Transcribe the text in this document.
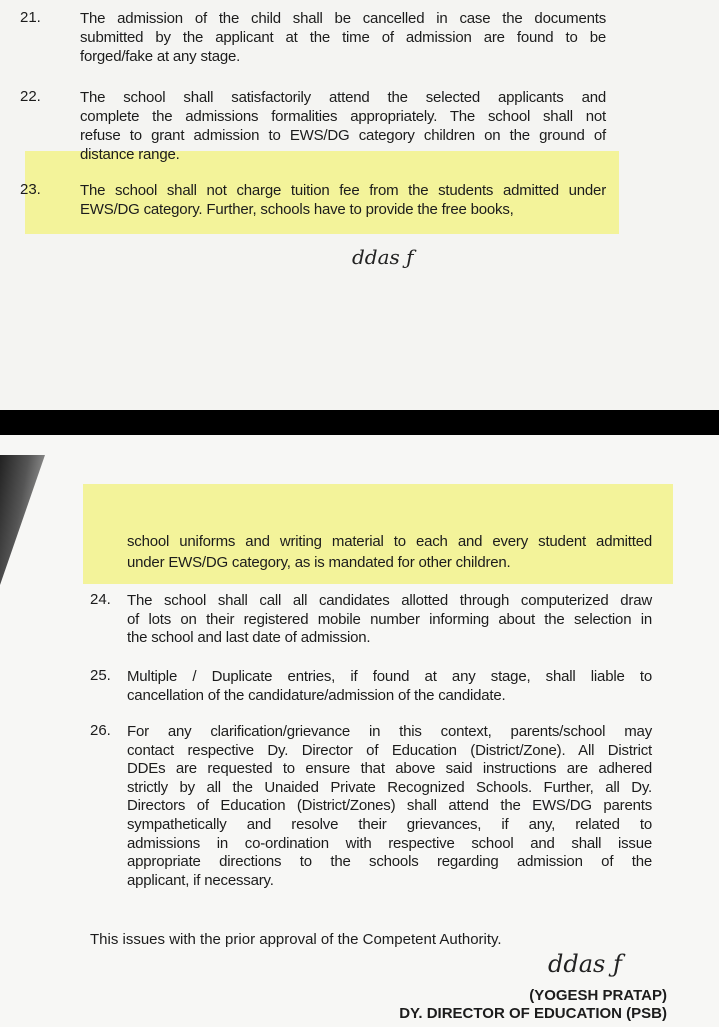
21.	The admission of the child shall be cancelled in case the documents
submitted by the applicant at the time of admission are found to be
forged/fake at any stage.
22.	The school shall satisfactorily attend the selected applicants and
complete the admissions formalities appropriately. The school shall not
refuse to grant admission to EWS/DG category children on the ground of
distance range.
23.	The school shall not charge tuition fee from the students admitted under
EWS/DG category. Further, schools have to provide the free books,
school uniforms and writing material to each and every student admitted
under EWS/DG category, as is mandated for other children.
24. The school shall call all candidates allotted through computerized draw
of lots on their registered mobile number informing about the selection in
the school and last date of admission.
25. Multiple / Duplicate entries, if found at any stage, shall liable to
cancellation of the candidature/admission of the candidate.
26. For any clarification/grievance in this context, parents/school may
contact respective Dy. Director of Education (District/Zone). All District
DDEs are requested to ensure that above said instructions are adhered
strictly by all the Unaided Private Recognized Schools. Further, all Dy.
Directors of Education (District/Zones) shall attend the EWS/DG parents
sympathetically and resolve their grievances, if any, related to
admissions in co-ordination with respective school and shall issue
appropriate directions to the schools regarding admission of the
applicant, if necessary.
ddas ƒ
This issues with the prior approval of the Competent Authority.
ddas ƒ
(YOGESH PRATAP)
DY. DIRECTOR OF EDUCATION (PSB)
